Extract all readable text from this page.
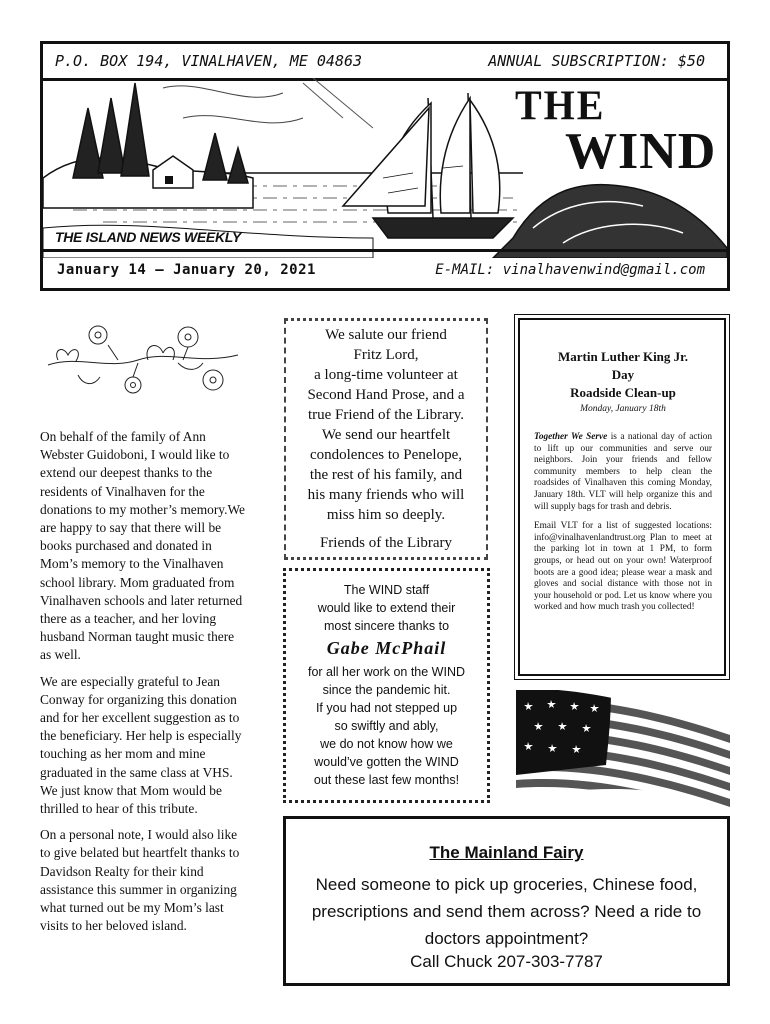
P.O. BOX 194, VINALHAVEN, ME 04863	ANNUAL SUBSCRIPTION: $50
THE
WIND
THE ISLAND NEWS WEEKLY
January 14 – January 20, 2021	E-MAIL: vinalhavenwind@gmail.com

On behalf of the family of Ann Webster Guidoboni, I would like to extend our deepest thanks to the residents of Vinalhaven for the donations to my mother’s memory.We are happy to say that there will be books purchased and donated in Mom’s memory to the Vinalhaven school library. Mom graduated from Vinalhaven schools and later returned there as a teacher, and her loving husband Norman taught music there as well.

We are especially grateful to Jean Conway for organizing this donation and for her excellent suggestion as to the beneficiary. Her help is especially touching as her mom and mine graduated in the same class at VHS. We just know that Mom would be thrilled to hear of this tribute.

On a personal note, I would also like to give belated but heartfelt thanks to Davidson Realty for their kind assistance this summer in organizing what turned out be my Mom’s last visits to her beloved island.

We salute our friend
Fritz Lord,
a long-time volunteer at
Second Hand Prose, and a
true Friend of the Library.
We send our heartfelt
condolences to Penelope,
the rest of his family, and
his many friends who will
miss him so deeply.
Friends of the Library
The WIND staff
would like to extend their
most sincere thanks to
Gabe McPhail
for all her work on the WIND
since the pandemic hit.
If you had not stepped up
so swiftly and ably,
we do not know how we
would’ve gotten the WIND
out these last few months!
Martin Luther King Jr.
Day
Roadside Clean-up
Monday, January 18th

Together We Serve is a national day of action to lift up our communities and serve our neighbors. Join your friends and fellow community members to help clean the roadsides of Vinalhaven this coming Monday, January 18th. VLT will help organize this and will supply bags for trash and debris.

Email VLT for a list of suggested locations: info@vinalhavenlandtrust.org Plan to meet at the parking lot in town at 1 PM, to form groups, or head out on your own! Waterproof boots are a good idea; please wear a mask and gloves and social distance with those not in your household or pod. Let us know where you worked and how much trash you collected!

The Mainland Fairy
Need someone to pick up groceries, Chinese food,
prescriptions and send them across? Need a ride to
doctors appointment?
Call Chuck 207-303-7787
